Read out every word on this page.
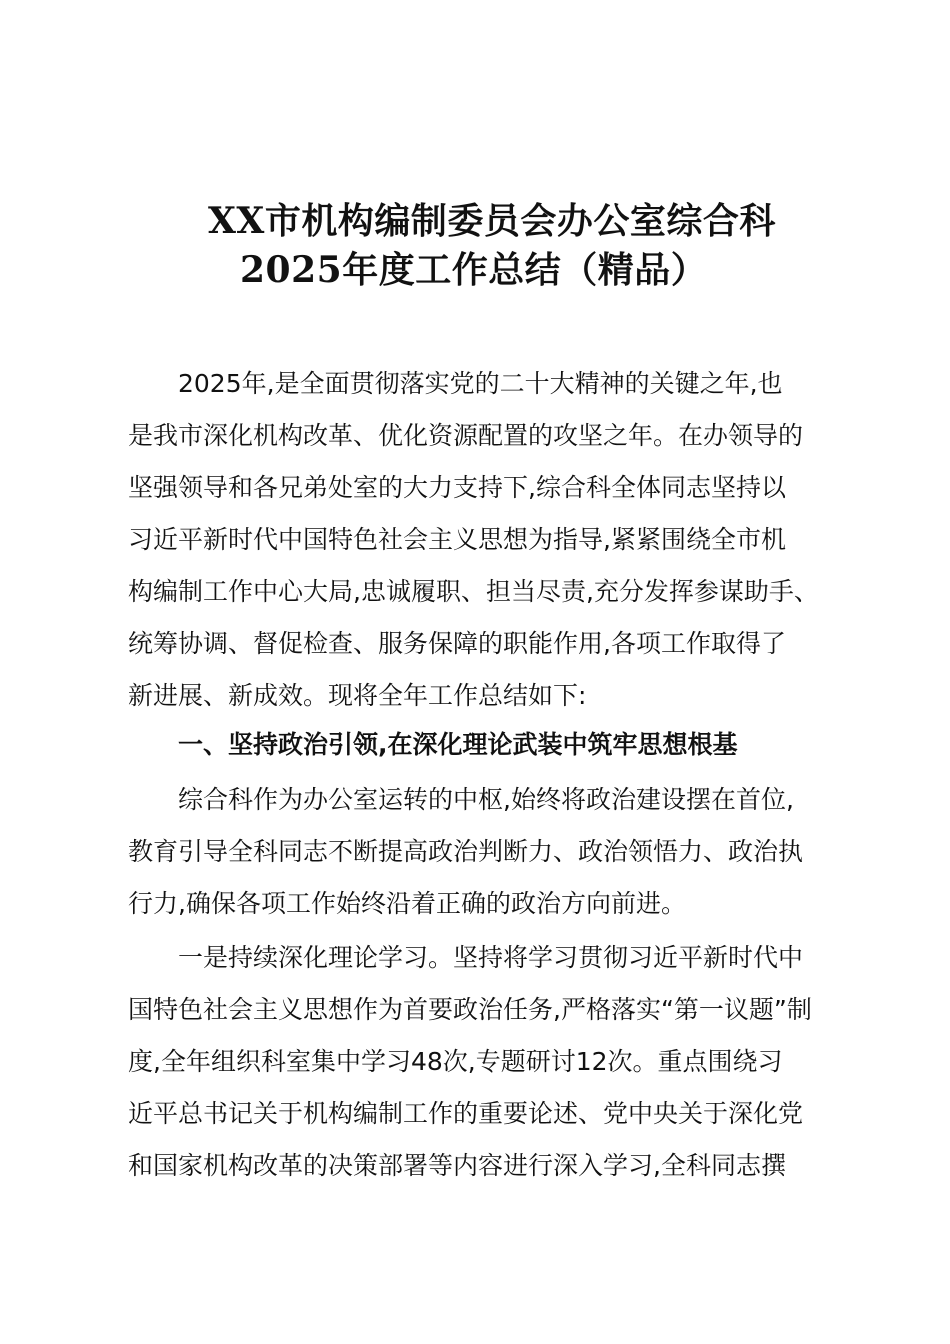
XX市机构编制委员会办公室综合科
2025年度工作总结（精品）
2025年,是全面贯彻落实党的二十大精神的关键之年,也
是我市深化机构改革、优化资源配置的攻坚之年。在办领导的
坚强领导和各兄弟处室的大力支持下,综合科全体同志坚持以
习近平新时代中国特色社会主义思想为指导,紧紧围绕全市机
构编制工作中心大局,忠诚履职、担当尽责,充分发挥参谋助手、
统筹协调、督促检查、服务保障的职能作用,各项工作取得了
新进展、新成效。现将全年工作总结如下:
一、坚持政治引领,在深化理论武装中筑牢思想根基
综合科作为办公室运转的中枢,始终将政治建设摆在首位,
教育引导全科同志不断提高政治判断力、政治领悟力、政治执
行力,确保各项工作始终沿着正确的政治方向前进。
一是持续深化理论学习。坚持将学习贯彻习近平新时代中
国特色社会主义思想作为首要政治任务,严格落实“第一议题”制
度,全年组织科室集中学习48次,专题研讨12次。重点围绕习
近平总书记关于机构编制工作的重要论述、党中央关于深化党
和国家机构改革的决策部署等内容进行深入学习,全科同志撰
